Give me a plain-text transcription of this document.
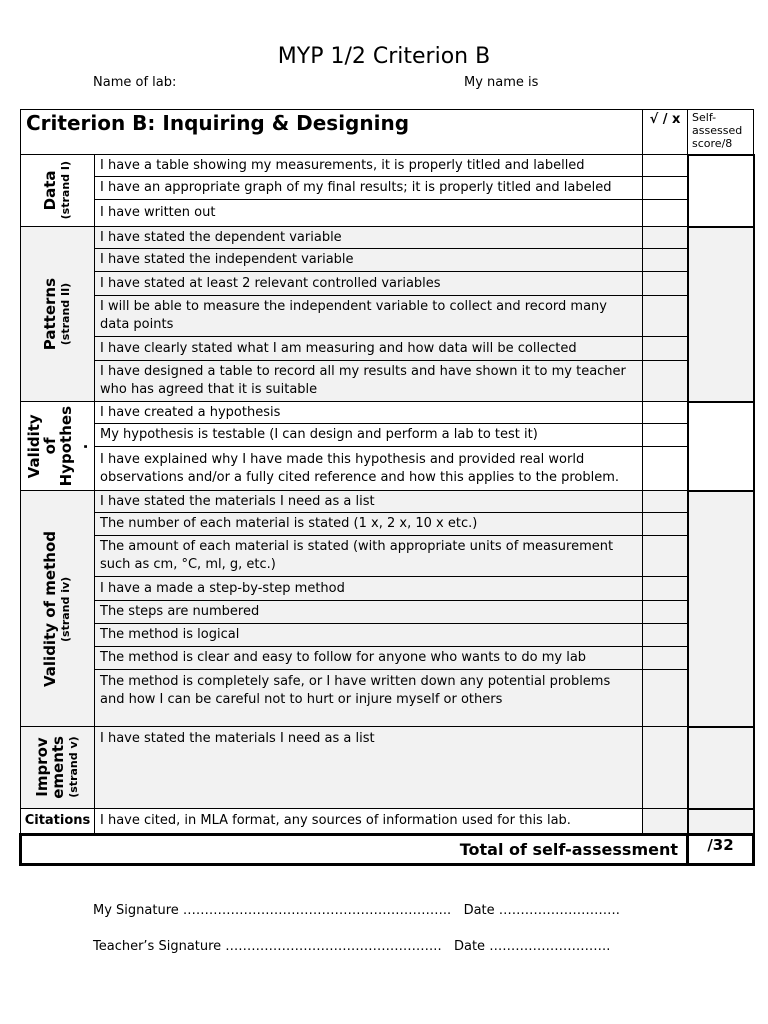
MYP 1/2 Criterion B
Name of lab:	My name is
Criterion B: Inquiring & Designing		√ / x	Self-assessed score/8

Data (strand I)	I have a table showing my measurements, it is properly titled and labelled		
	I have an appropriate graph of my final results; it is properly titled and labeled		
	I have written out		

Patterns (strand II)	I have stated the dependent variable		
	I have stated the independent variable		
	I have stated at least 2 relevant controlled variables		
	I will be able to measure the independent variable to collect and record many data points		
	I have clearly stated what I am measuring and how data will be collected		
	I have designed a table to record all my results and have shown it to my teacher who has agreed that it is suitable		

Validity
of
Hypothes
.	I have created a hypothesis		
	My hypothesis is testable (I can design and perform a lab to test it)		
	I have explained why I have made this hypothesis and provided real world observations and/or a fully cited reference and how this applies to the problem.		

Validity of method (strand iv)	I have stated the materials I need as a list		
	The number of each material is stated (1 x, 2 x, 10 x etc.)		
	The amount of each material is stated (with appropriate units of measurement such as cm, °C, ml, g, etc.)		
	I have a made a step-by-step method		
	The steps are numbered		
	The method is logical		
	The method is clear and easy to follow for anyone who wants to do my lab		
	The method is completely safe, or I have written down any potential problems and how I can be careful not to hurt or injure myself or others		

Improv
ements (strand v)	I have stated the materials I need as a list		
Citations	I have cited, in MLA format, any sources of information used for this lab.		
Total of self-assessment			/32
My Signature …………………………………………………….. Date ……………………….
Teacher’s Signature ………………………………………….. Date ……………………….
